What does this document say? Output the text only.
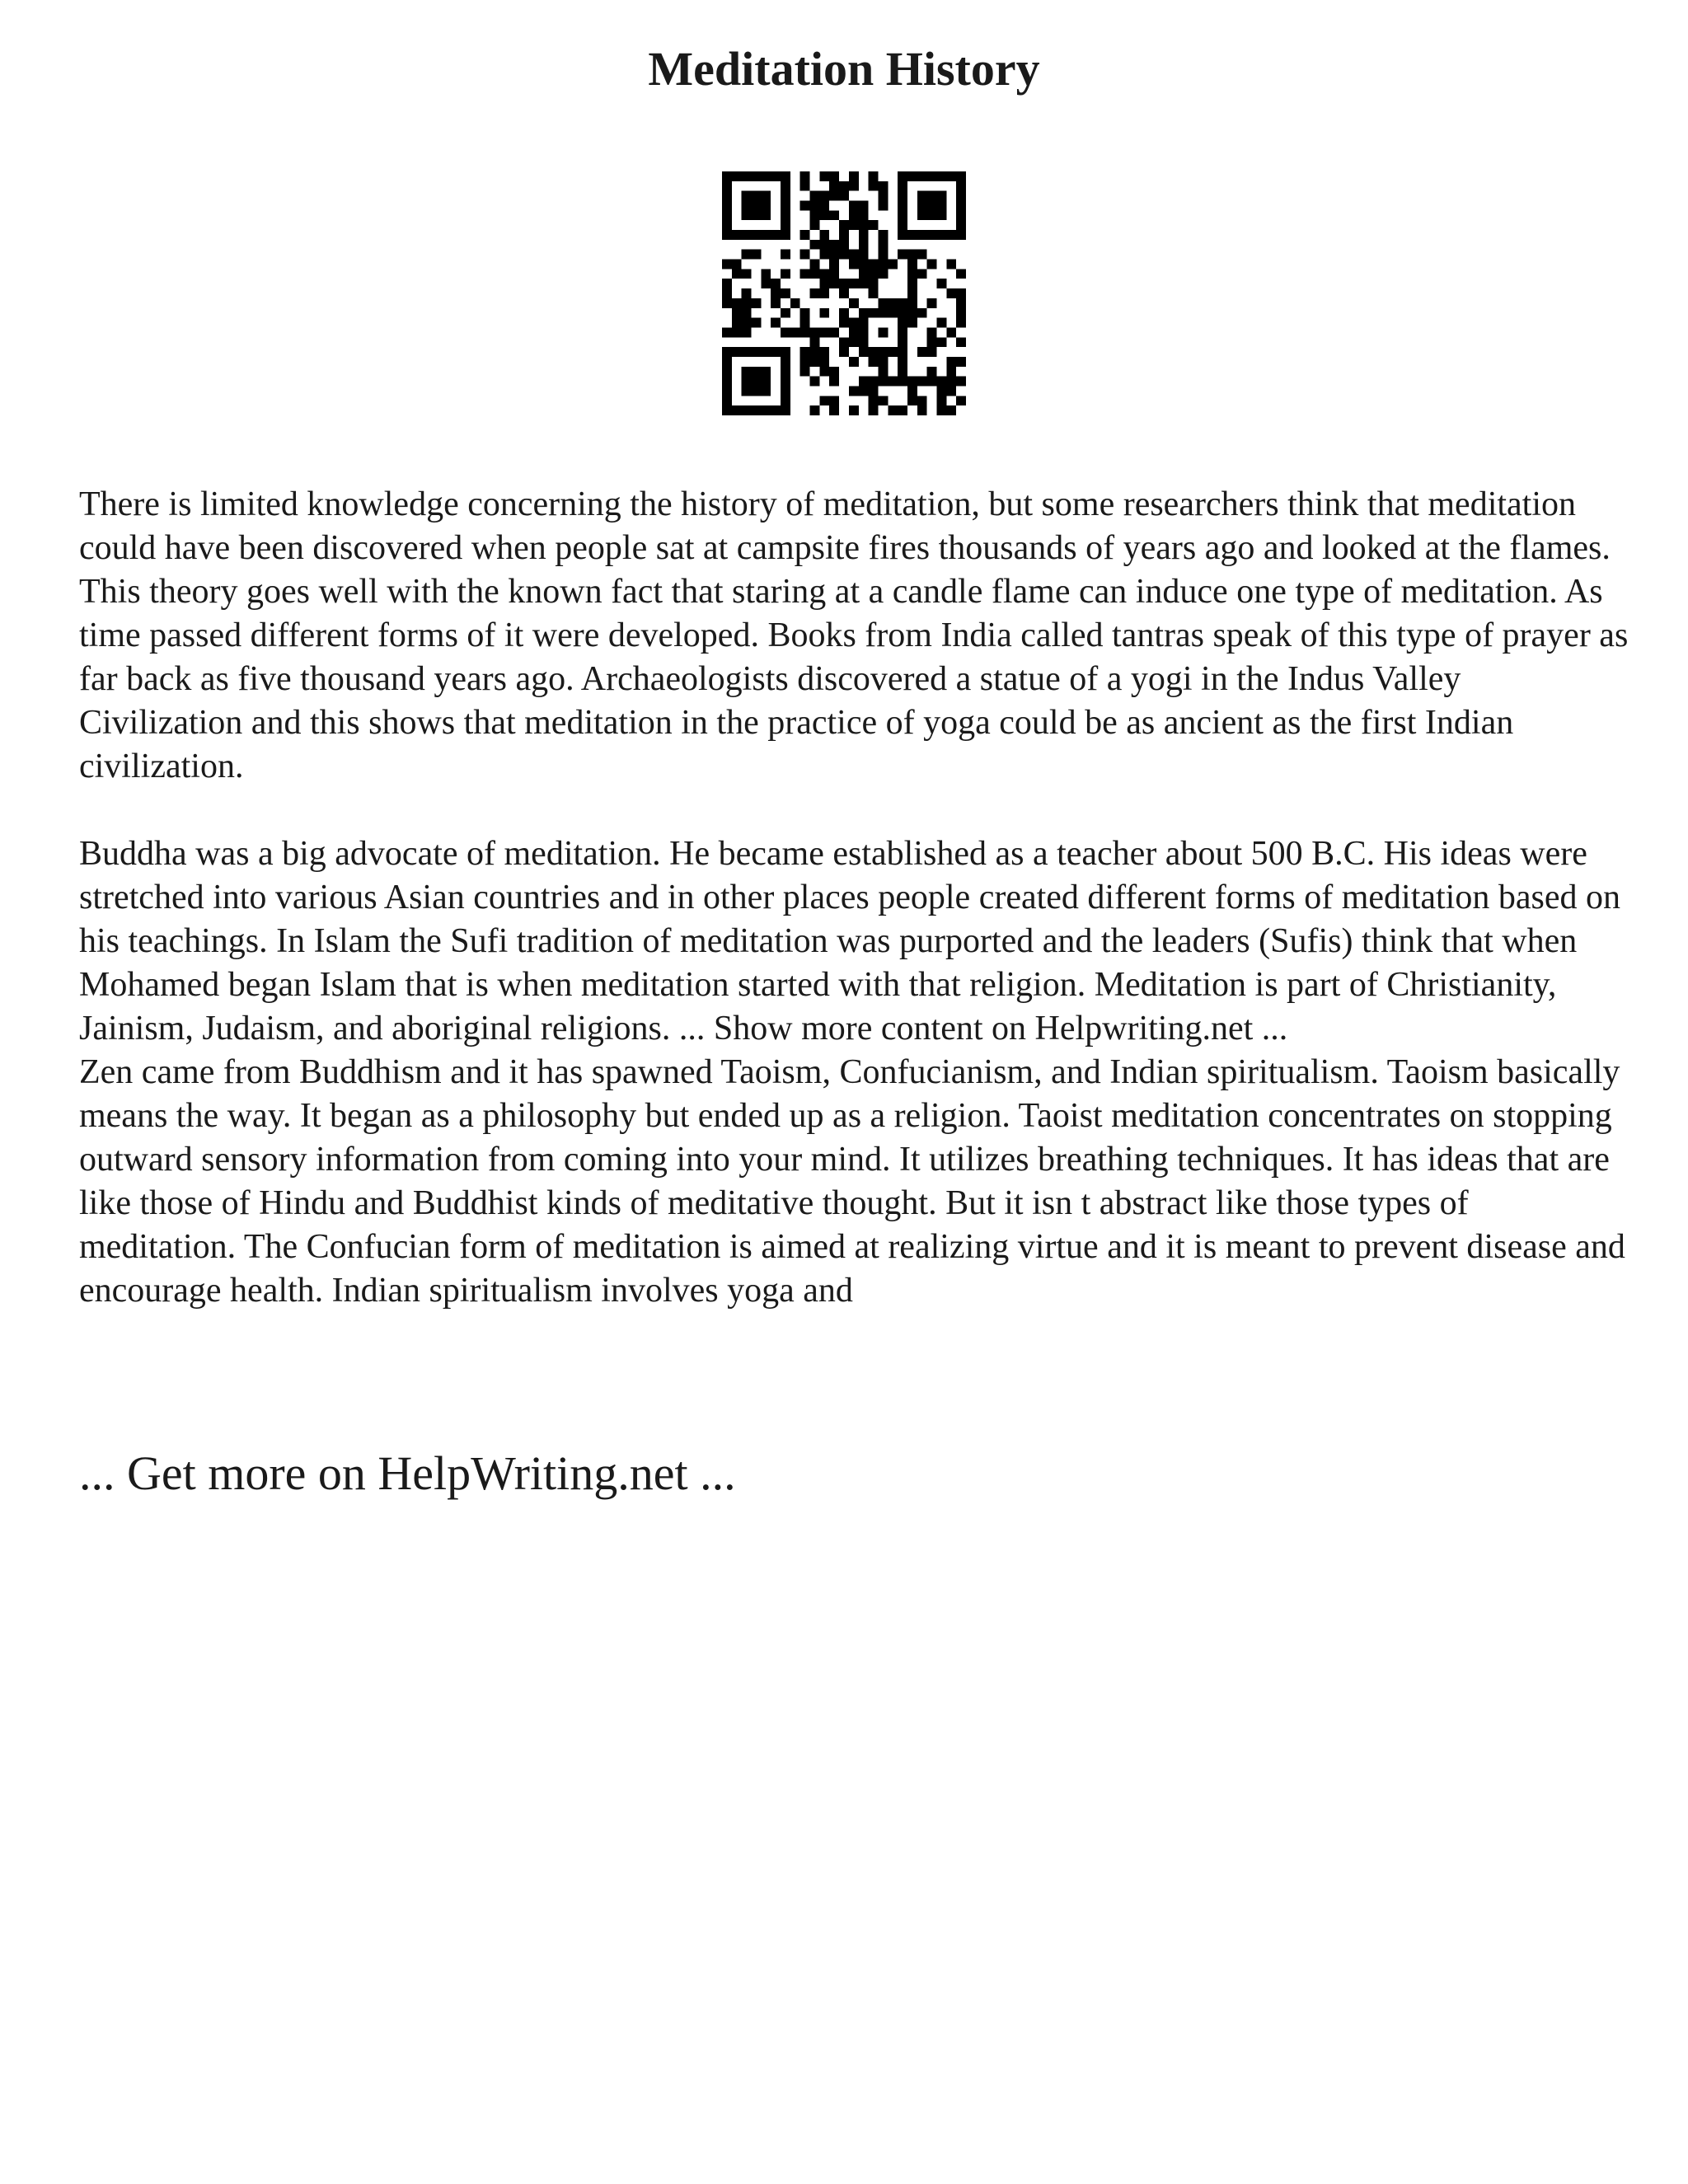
Meditation History

There is limited knowledge concerning the history of meditation, but some researchers think that meditation could have been discovered when people sat at campsite fires thousands of years ago and looked at the flames. This theory goes well with the known fact that staring at a candle flame can induce one type of meditation. As time passed different forms of it were developed. Books from India called tantras speak of this type of prayer as far back as five thousand years ago. Archaeologists discovered a statue of a yogi in the Indus Valley Civilization and this shows that meditation in the practice of yoga could be as ancient as the first Indian civilization.

Buddha was a big advocate of meditation. He became established as a teacher about 500 B.C. His ideas were stretched into various Asian countries and in other places people created different forms of meditation based on his teachings. In Islam the Sufi tradition of meditation was purported and the leaders (Sufis) think that when Mohamed began Islam that is when meditation started with that religion. Meditation is part of Christianity, Jainism, Judaism, and aboriginal religions. ... Show more content on Helpwriting.net ...

Zen came from Buddhism and it has spawned Taoism, Confucianism, and Indian spiritualism. Taoism basically means the way. It began as a philosophy but ended up as a religion. Taoist meditation concentrates on stopping outward sensory information from coming into your mind. It utilizes breathing techniques. It has ideas that are like those of Hindu and Buddhist kinds of meditative thought. But it isn t abstract like those types of meditation. The Confucian form of meditation is aimed at realizing virtue and it is meant to prevent disease and encourage health. Indian spiritualism involves yoga and

... Get more on HelpWriting.net ...
